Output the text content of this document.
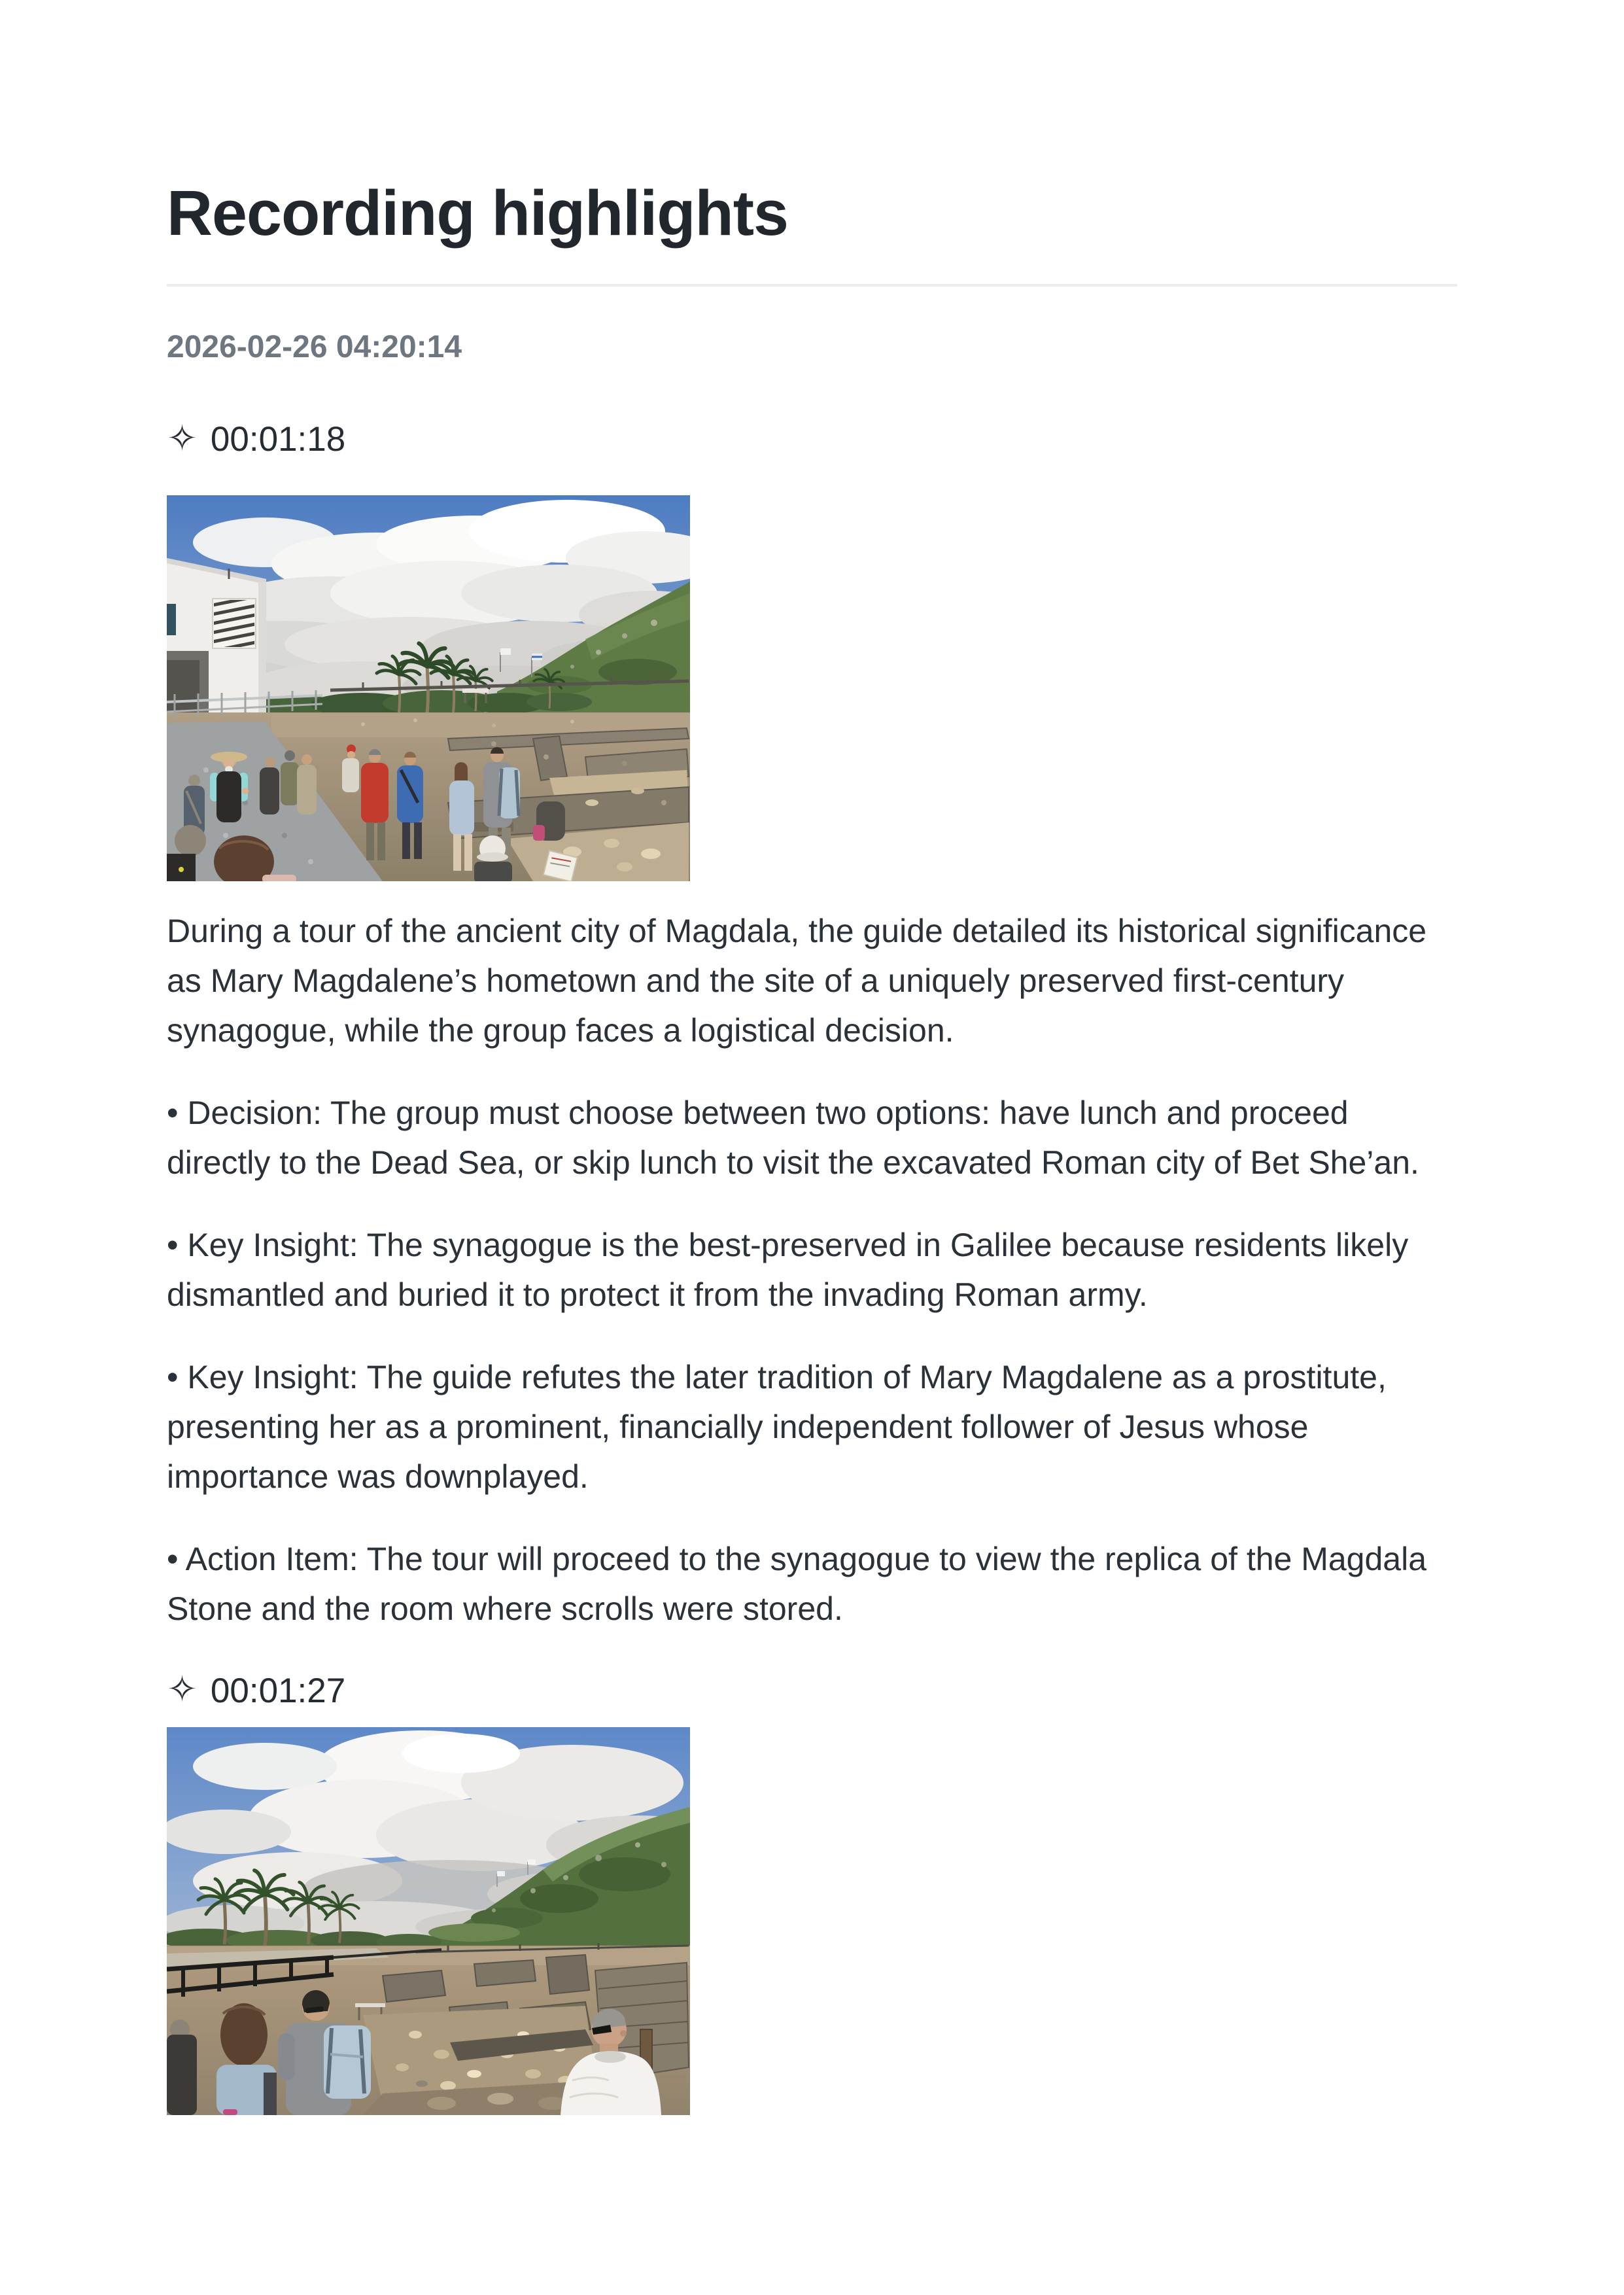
Recording highlights

2026-02-26 04:20:14

✧ 00:01:18

During a tour of the ancient city of Magdala, the guide detailed its historical significance as Mary Magdalene’s hometown and the site of a uniquely preserved first-century synagogue, while the group faces a logistical decision.

• Decision: The group must choose between two options: have lunch and proceed directly to the Dead Sea, or skip lunch to visit the excavated Roman city of Bet She’an.

• Key Insight: The synagogue is the best-preserved in Galilee because residents likely dismantled and buried it to protect it from the invading Roman army.

• Key Insight: The guide refutes the later tradition of Mary Magdalene as a prostitute, presenting her as a prominent, financially independent follower of Jesus whose importance was downplayed.

• Action Item: The tour will proceed to the synagogue to view the replica of the Magdala Stone and the room where scrolls were stored.

✧ 00:01:27
